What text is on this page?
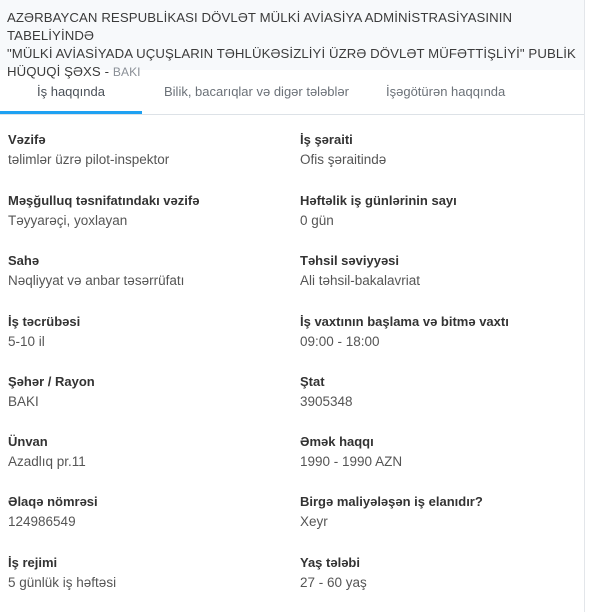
AZƏRBAYCAN RESPUBLİKASI DÖVLƏT MÜLKİ AVİASİYA ADMİNİSTRASİYASININ TABELİYİNDƏ
"MÜLKİ AVİASİYADA UÇUŞLARIN TƏHLÜKƏSİZLİYİ ÜZRƏ DÖVLƏT MÜFƏTTİŞLİYİ" PUBLİK
HÜQUQİ ŞƏXS - BAKI
İş haqqında	Bilik, bacarıqlar və digər tələblər	İşəgötürən haqqında
Vəzifə
təlimlər üzrə pilot-inspektor
Məşğulluq təsnifatındakı vəzifə
Təyyarəçi, yoxlayan
Sahə
Nəqliyyat və anbar təsərrüfatı
İş təcrübəsi
5-10 il
Şəhər / Rayon
BAKI
Ünvan
Azadlıq pr.11
Əlaqə nömrəsi
124986549
İş rejimi
5 günlük iş həftəsi
İş şəraiti
Ofis şəraitində
Həftəlik iş günlərinin sayı
0 gün
Təhsil səviyyəsi
Ali təhsil-bakalavriat
İş vaxtının başlama və bitmə vaxtı
09:00 - 18:00
Ştat
3905348
Əmək haqqı
1990 - 1990 AZN
Birgə maliyələşən iş elanıdır?
Xeyr
Yaş tələbi
27 - 60 yaş
